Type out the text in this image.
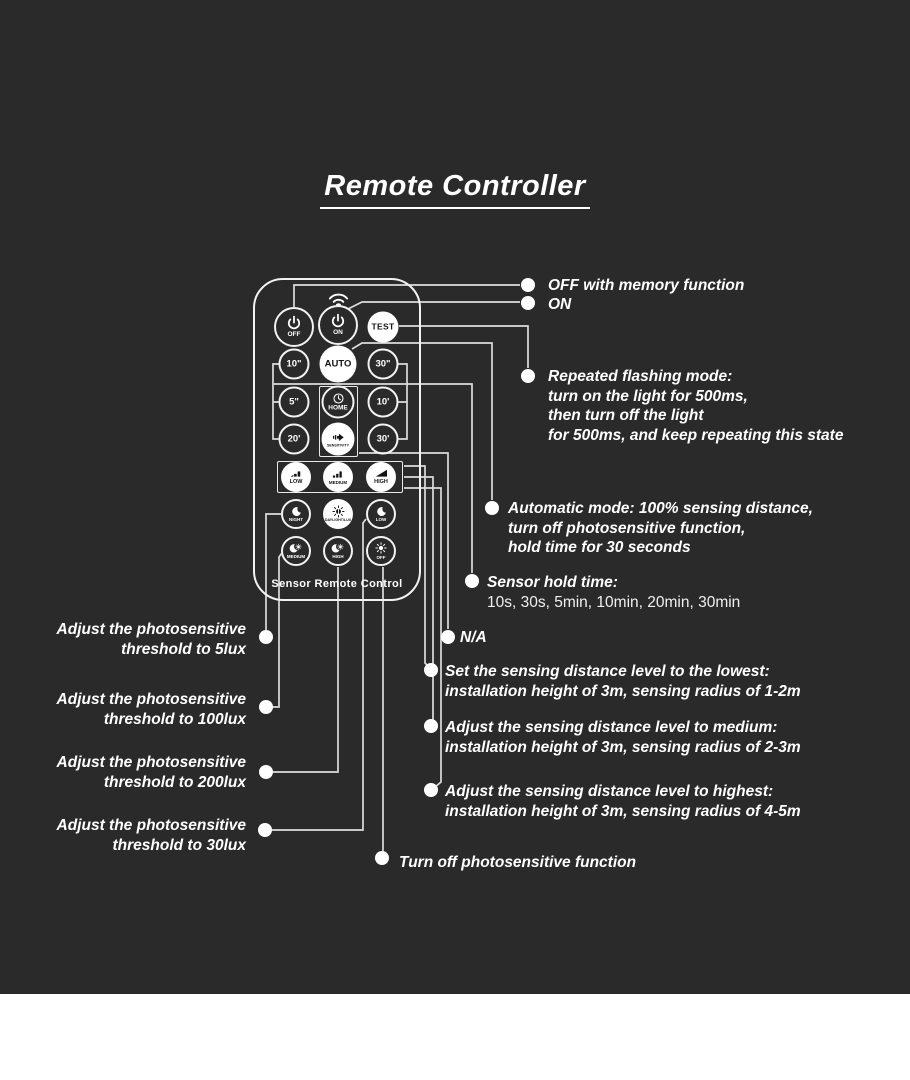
Remote Controller
OFF	ON
TEST
10" AUTO	30"
5"
HOME
10'
20'
SENSITIVITY
30'
LOW	MEDIUM	HIGH
NIGHT	DAYLIGHT/LUX	LOW
MEDIUM	HIGH	OFF
Sensor Remote Control
OFF with memory function
ON
Repeated flashing mode:
turn on the light for 500ms,
then turn off the light
for 500ms, and keep repeating this state
Automatic mode: 100% sensing distance,
turn off photosensitive function,
hold time for 30 seconds
Sensor hold time:
10s, 30s, 5min, 10min, 20min, 30min
N/A
Set the sensing distance level to the lowest:
installation height of 3m, sensing radius of 1-2m
Adjust the sensing distance level to medium:
installation height of 3m, sensing radius of 2-3m
Adjust the sensing distance level to highest:
installation height of 3m, sensing radius of 4-5m
Turn off photosensitive function
Adjust the photosensitive
threshold to 5lux
Adjust the photosensitive
threshold to 100lux
Adjust the photosensitive
threshold to 200lux
Adjust the photosensitive
threshold to 30lux
